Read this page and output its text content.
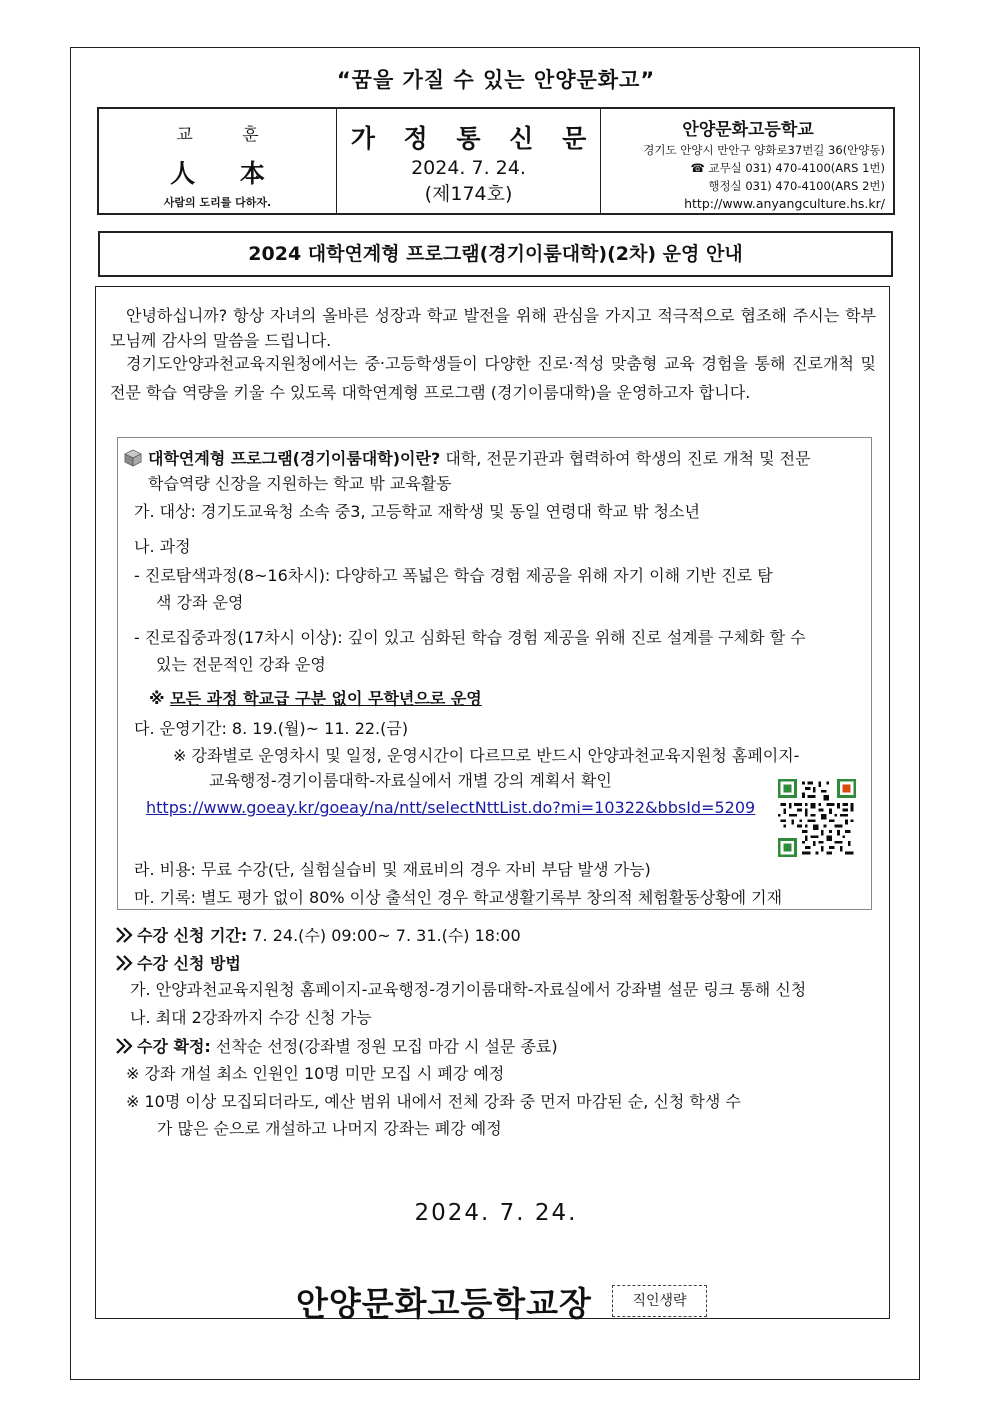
“꿈을 가질 수 있는 안양문화고”
교 훈
人 本
사람의 도리를 다하자.
가 정 통 신 문
2024. 7. 24.
(제174호)
안양문화고등학교
경기도 안양시 만안구 양화로37번길 36(안양동)
☎ 교무실 031) 470-4100(ARS 1번)
행정실 031) 470-4100(ARS 2번)
http://www.anyangculture.hs.kr/
2024 대학연계형 프로그램(경기이룸대학)(2차) 운영 안내
안녕하십니까? 항상 자녀의 올바른 성장과 학교 발전을 위해 관심을 가지고 적극적으로 협조해 주시는 학부모님께 감사의 말씀을 드립니다.
경기도안양과천교육지원청에서는 중‧고등학생들이 다양한 진로‧적성 맞춤형 교육 경험을 통해 진로개척 및 전문 학습 역량을 키울 수 있도록 대학연계형 프로그램 (경기이룸대학)을 운영하고자 합니다.
대학연계형 프로그램(경기이룸대학)이란? 대학, 전문기관과 협력하여 학생의 진로 개척 및 전문
학습역량 신장을 지원하는 학교 밖 교육활동
가. 대상: 경기도교육청 소속 중3, 고등학교 재학생 및 동일 연령대 학교 밖 청소년
나. 과정
- 진로탐색과정(8~16차시): 다양하고 폭넓은 학습 경험 제공을 위해 자기 이해 기반 진로 탐
색 강좌 운영
- 진로집중과정(17차시 이상): 깊이 있고 심화된 학습 경험 제공을 위해 진로 설계를 구체화 할 수
있는 전문적인 강좌 운영
※ 모든 과정 학교급 구분 없이 무학년으로 운영
다. 운영기간: 8. 19.(월)~ 11. 22.(금)
※ 강좌별로 운영차시 및 일정, 운영시간이 다르므로 반드시 안양과천교육지원청 홈페이지-
교육행정-경기이룸대학-자료실에서 개별 강의 계획서 확인
https://www.goeay.kr/goeay/na/ntt/selectNttList.do?mi=10322&bbsId=5209
라. 비용: 무료 수강(단, 실험실습비 및 재료비의 경우 자비 부담 발생 가능)
마. 기록: 별도 평가 없이 80% 이상 출석인 경우 학교생활기록부 창의적 체험활동상황에 기재
수강 신청 기간: 7. 24.(수) 09:00~ 7. 31.(수) 18:00
수강 신청 방법
가. 안양과천교육지원청 홈페이지-교육행정-경기이룸대학-자료실에서 강좌별 설문 링크 통해 신청
나. 최대 2강좌까지 수강 신청 가능
수강 확정: 선착순 선정(강좌별 정원 모집 마감 시 설문 종료)
※ 강좌 개설 최소 인원인 10명 미만 모집 시 폐강 예정
※ 10명 이상 모집되더라도, 예산 범위 내에서 전체 강좌 중 먼저 마감된 순, 신청 학생 수
가 많은 순으로 개설하고 나머지 강좌는 폐강 예정
2024. 7. 24.
안양문화고등학교장	직인생략
